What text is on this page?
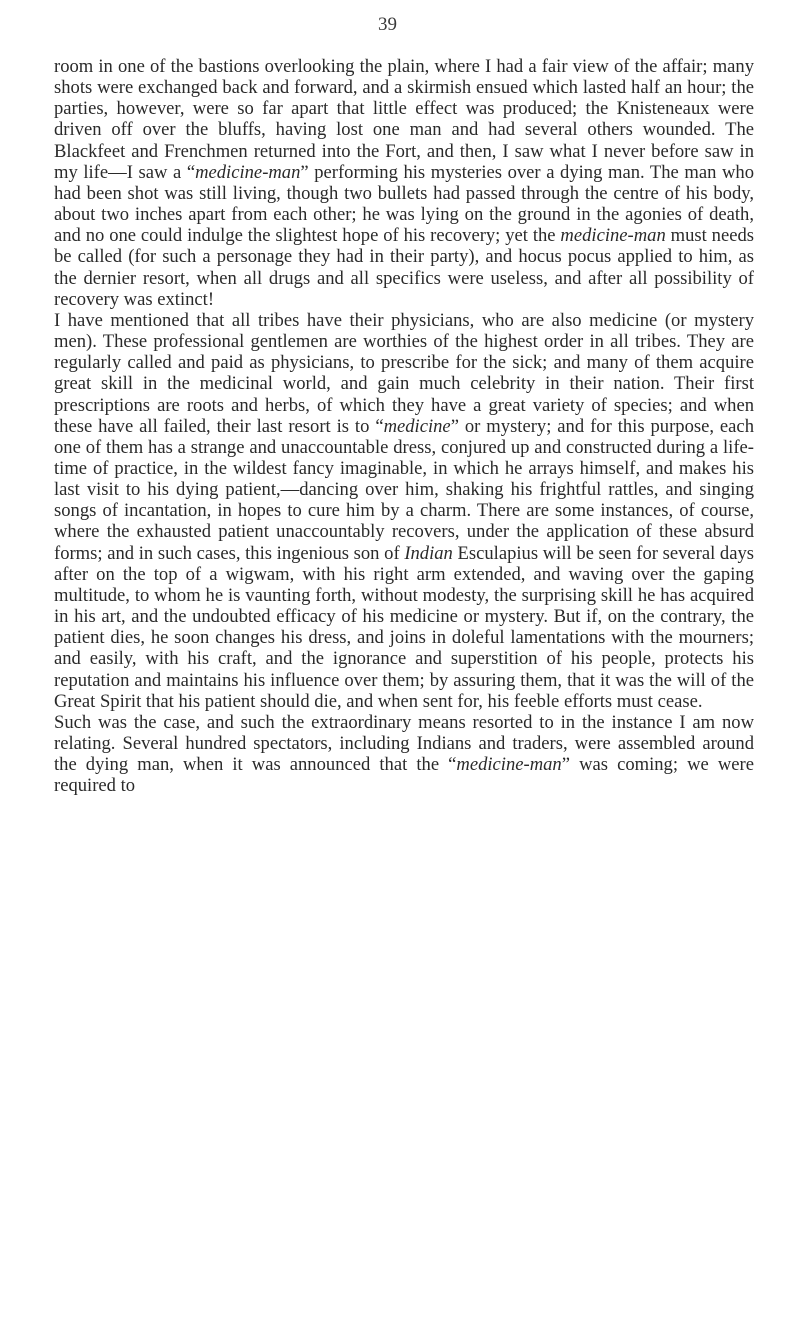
39

room in one of the bastions overlooking the plain, where I had a fair view of the affair; many shots were exchanged back and forward, and a skirmish ensued which lasted half an hour; the parties, however, were so far apart that little effect was produced; the Knisteneaux were driven off over the bluffs, having lost one man and had several others wounded. The Blackfeet and Frenchmen returned into the Fort, and then, I saw what I never before saw in my life—I saw a “medicine-man” performing his mysteries over a dying man. The man who had been shot was still living, though two bullets had passed through the centre of his body, about two inches apart from each other; he was lying on the ground in the agonies of death, and no one could indulge the slightest hope of his recovery; yet the medicine-man must needs be called (for such a personage they had in their party), and hocus pocus applied to him, as the dernier resort, when all drugs and all specifics were useless, and after all possibility of recovery was extinct!

I have mentioned that all tribes have their physicians, who are also medicine (or mystery men). These professional gentlemen are worthies of the highest order in all tribes. They are regularly called and paid as physicians, to prescribe for the sick; and many of them acquire great skill in the medicinal world, and gain much celebrity in their nation. Their first prescriptions are roots and herbs, of which they have a great variety of species; and when these have all failed, their last resort is to “medicine” or mystery; and for this purpose, each one of them has a strange and unaccountable dress, conjured up and constructed during a life-time of practice, in the wildest fancy imaginable, in which he arrays himself, and makes his last visit to his dying patient,—dancing over him, shaking his frightful rattles, and singing songs of incantation, in hopes to cure him by a charm. There are some instances, of course, where the exhausted patient unaccountably recovers, under the application of these absurd forms; and in such cases, this ingenious son of Indian Esculapius will be seen for several days after on the top of a wigwam, with his right arm extended, and waving over the gaping multitude, to whom he is vaunting forth, without modesty, the surprising skill he has acquired in his art, and the undoubted efficacy of his medicine or mystery. But if, on the contrary, the patient dies, he soon changes his dress, and joins in doleful lamentations with the mourners; and easily, with his craft, and the ignorance and superstition of his people, protects his reputation and maintains his influence over them; by assuring them, that it was the will of the Great Spirit that his patient should die, and when sent for, his feeble efforts must cease.

Such was the case, and such the extraordinary means resorted to in the instance I am now relating. Several hundred spectators, including Indians and traders, were assembled around the dying man, when it was announced that the “medicine-man” was coming; we were required to
